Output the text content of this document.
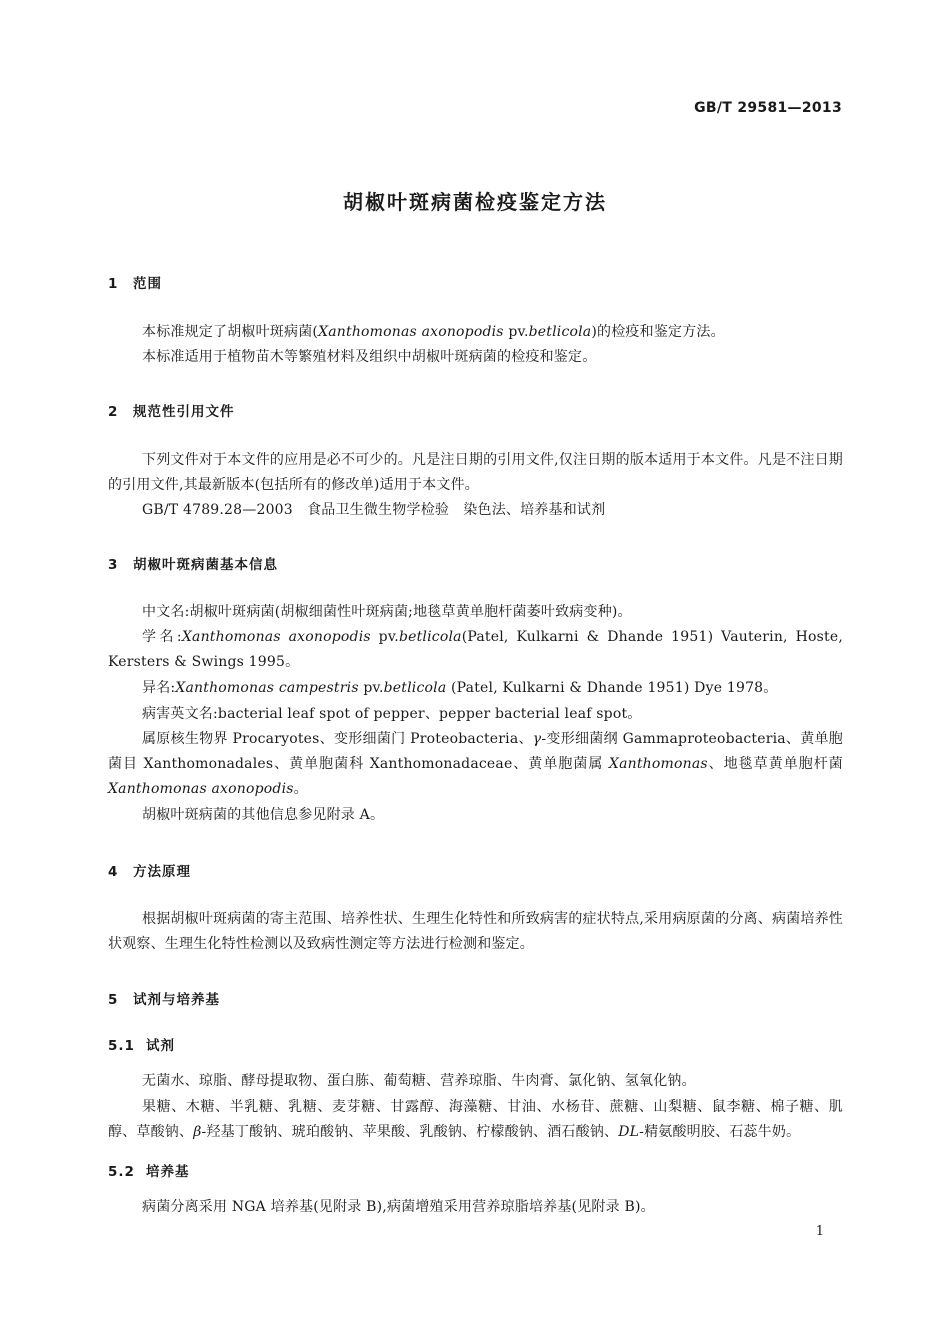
GB/T 29581—2013
胡椒叶斑病菌检疫鉴定方法
1 范围
本标准规定了胡椒叶斑病菌(Xanthomonas axonopodis pv.betlicola)的检疫和鉴定方法。
本标准适用于植物苗木等繁殖材料及组织中胡椒叶斑病菌的检疫和鉴定。
2 规范性引用文件
下列文件对于本文件的应用是必不可少的。凡是注日期的引用文件,仅注日期的版本适用于本文件。凡是不注日期的引用文件,其最新版本(包括所有的修改单)适用于本文件。
GB/T 4789.28—2003　食品卫生微生物学检验　染色法、培养基和试剂
3 胡椒叶斑病菌基本信息
中文名:胡椒叶斑病菌(胡椒细菌性叶斑病菌;地毯草黄单胞杆菌萎叶致病变种)。
学名:Xanthomonas axonopodis pv.betlicola(Patel, Kulkarni & Dhande 1951) Vauterin, Hoste, Kersters & Swings 1995。
异名:Xanthomonas campestris pv.betlicola (Patel, Kulkarni & Dhande 1951) Dye 1978。
病害英文名:bacterial leaf spot of pepper、pepper bacterial leaf spot。
属原核生物界 Procaryotes、变形细菌门 Proteobacteria、γ-变形细菌纲 Gammaproteobacteria、黄单胞菌目 Xanthomonadales、黄单胞菌科 Xanthomonadaceae、黄单胞菌属 Xanthomonas、地毯草黄单胞杆菌 Xanthomonas axonopodis。
胡椒叶斑病菌的其他信息参见附录 A。
4 方法原理
根据胡椒叶斑病菌的寄主范围、培养性状、生理生化特性和所致病害的症状特点,采用病原菌的分离、病菌培养性状观察、生理生化特性检测以及致病性测定等方法进行检测和鉴定。
5 试剂与培养基
5.1 试剂
无菌水、琼脂、酵母提取物、蛋白胨、葡萄糖、营养琼脂、牛肉膏、氯化钠、氢氧化钠。
果糖、木糖、半乳糖、乳糖、麦芽糖、甘露醇、海藻糖、甘油、水杨苷、蔗糖、山梨糖、鼠李糖、棉子糖、肌醇、草酸钠、β-羟基丁酸钠、琥珀酸钠、苹果酸、乳酸钠、柠檬酸钠、酒石酸钠、DL-精氨酸明胶、石蕊牛奶。
5.2 培养基
病菌分离采用 NGA 培养基(见附录 B),病菌增殖采用营养琼脂培养基(见附录 B)。
1
